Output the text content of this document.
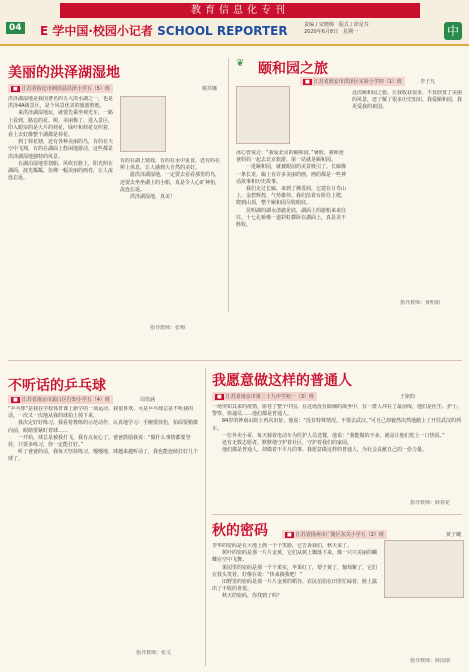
教育信息化专刊
04 E 学中国·校园小记者 SCHOOL REPORTER	责编 / 宋晓梅　版式 / 徐星寿
2020年6月8日　星期一	中
美丽的洪泽湖湿地
■ 江苏省宿迁市泗洪县洪泽小学五（5）班	蔡苏娜
洪泽湖湿地是我国著名的五大淡水湖之一，也是洪泽4A级景区，是个风景优美的旅游胜地。
　　来洪泽湖湿地玩，就要先乘坐观光车，一路上看到，路边的花、树，美丽极了。进入景区，印入眼帘的是大片的荷花，绿叶和荷花交织着，看上去好像整个湖都是荷花。
　　到了荷花塘，还有各种美丽的鸟，有的在天空中飞翔，有的在湖面上悠闲地游动，这些都是洪泽湖湿地独特的风景。
　　在湖泊湿地里划船，风吹在脸上，阳光照在湖面，波光粼粼，仿佛一幅美丽的画卷，让人流连忘返。
有的在湖上嬉戏，有的在水中觅食，还有的在树上休息，让人感到大自然的美好。
　　游洪泽湖湿地，一定要去看看那里的鸟，还要去坐坐湖上的小船，真是令人心旷神怡，流连忘返。
　　洪泽湖湿地，真美！
指导教师：张梅
❦ 颐和园之旅
■ 江苏省淮安市洪泽区实验小学四（1）班	李子凡
冰心曾说过：“我爱北京的颐和园。”暑假，我和爸爸妈妈一起去北京旅游，第一站就是颐和园。
　　一进颐和园，就被眼前的美景吸引了。长廊像一条长龙，廊上有许多美丽的画，画的都是一些神话故事和历史故事。
　　我们走过长廊，来到了佛香阁，它建在万寿山上，金碧辉煌，气势雄伟。我们沿着台阶往上爬，爬到山顶，整个颐和园尽收眼底。
　　昆明湖的湖水清澈见底，湖面上的游船来来往往，十七孔桥像一道彩虹横卧在湖面上，真是美不胜收。
这次颐和园之旅，让我收获很多，不仅欣赏了美丽的风景，还了解了很多历史知识，我爱颐和园，我更爱我的祖国。
指导教师：黄明娟
不听话的乒乓球
■ 江苏省南京市浦口区行知小学五（4）班	周语涵
“乒乓球”是我在学校体育课上新学的一项运动，我很喜欢。可是乒乓球总是不听我的话，一次又一次地从我的球拍上掉下来。
　　我决定好好练习。我看着教练的示范动作，认真地学习：手腕要放松，拍面要稍微向前，眼睛要紧盯着球……
　　一开始，球总是被我打飞，我有点灰心了。爸爸鼓励我说：“做什么事情都要坚持，只要多练习，你一定能打好。”
　　听了爸爸的话，我每天坚持练习，慢慢地，球越来越听话了，我也能连续打好几个球了。
指导教师：张文
我愿意做这样的普通人
■ 江苏省南京市第二十九中学初一（3）班	王铭昀
一场突如其来的疫情，席卷了整个中国。在这场没有硝烟的战争中，有一群人冲在了最前线，他们是医生、护士、警察、快递员……他们都是普通人。
　　84岁的钟南山院士再次出征，他说：“没有特殊情况，不要去武汉。”可自己却毅然决然地踏上了开往武汉的列车。
　　一位外卖小哥，每天骑着电动车为医护人员送餐，他说：“我能做的不多，就是让他们吃上一口热饭。”
　　还有无数志愿者，默默地守护着社区，守护着我们的家园。
　　他们都是普通人，却做着不平凡的事。我愿意做这样的普通人，为社会贡献自己的一份力量。
指导教师：薛春花
秋的密码	■ 江苏省扬州市广陵区东关小学五（2）班	黄子曦
李华的密码是在大地上画一个个笑脸，它告诉我们，秋天来了。
　　树叶的密码是那一片片金黄，它们从树上飘落下来，像一只只美丽的蝴蝶在空中飞舞。
　　果园里的密码是那一个个果实，苹果红了，梨子黄了，葡萄紫了，它们在枝头笑着，好像在说：“快来摘我吧！”
　　田野里的密码是那一片片金黄的稻谷，农民伯伯在田里忙碌着，脸上露出了丰收的喜悦。
　　秋天的密码，你找到了吗？
指导教师：薛国瑞
